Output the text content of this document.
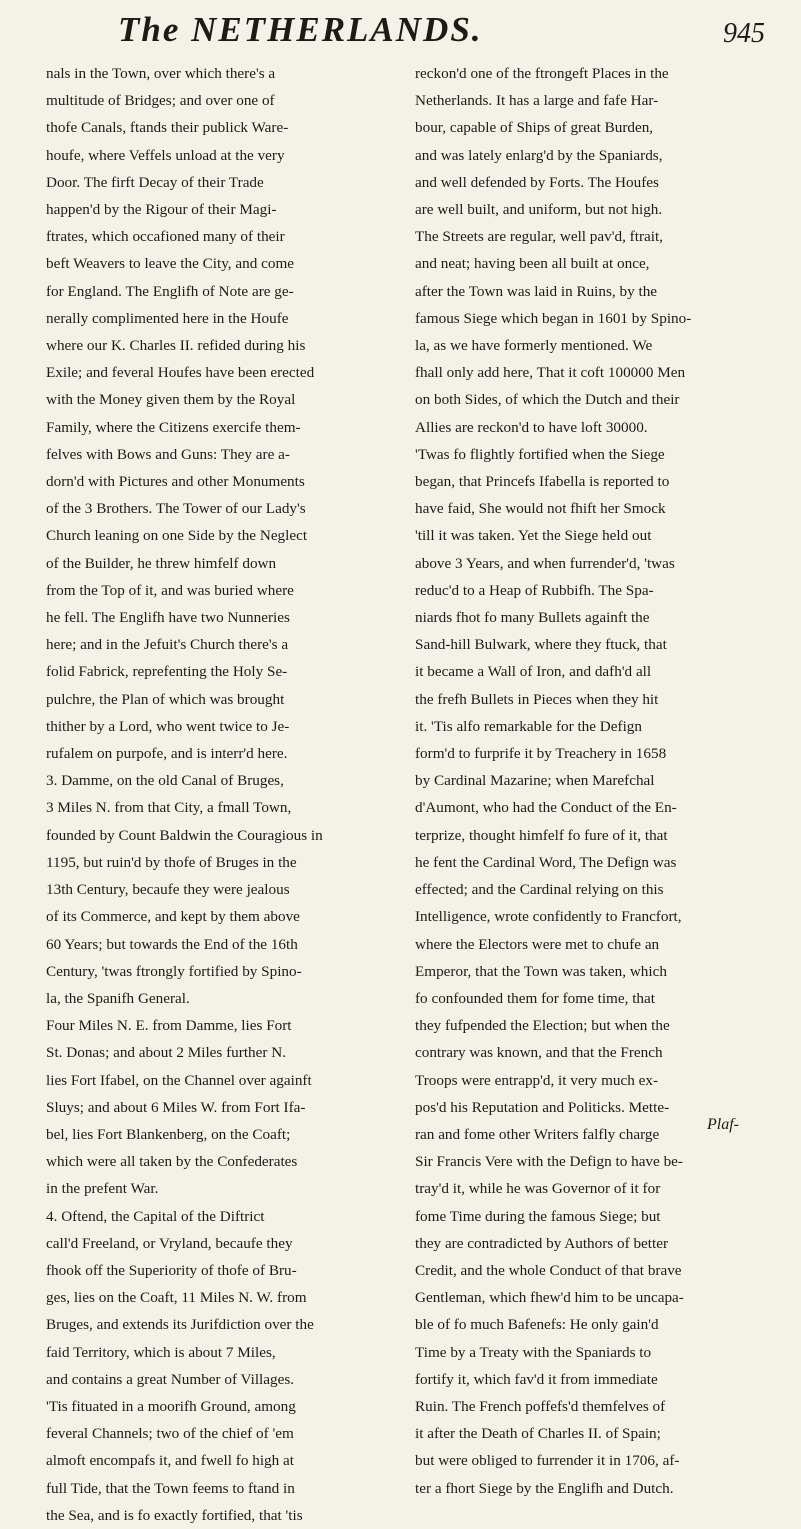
The NETHERLANDS.	945
nals in the Town, over which there's a
multitude of Bridges; and over one of
thofe Canals, ftands their publick Ware-
houfe, where Veffels unload at the very
Door. The firft Decay of their Trade
happen'd by the Rigour of their Magi-
ftrates, which occafioned many of their
beft Weavers to leave the City, and come
for England. The Englifh of Note are ge-
nerally complimented here in the Houfe
where our K. Charles II. refided during his
Exile; and feveral Houfes have been erected
with the Money given them by the Royal
Family, where the Citizens exercife them-
felves with Bows and Guns: They are a-
dorn'd with Pictures and other Monuments
of the 3 Brothers. The Tower of our Lady's
Church leaning on one Side by the Neglect
of the Builder, he threw himfelf down
from the Top of it, and was buried where
he fell. The Englifh have two Nunneries
here; and in the Jefuit's Church there's a
folid Fabrick, reprefenting the Holy Se-
pulchre, the Plan of which was brought
thither by a Lord, who went twice to Je-
rufalem on purpofe, and is interr'd here.
3. Damme, on the old Canal of Bruges,
3 Miles N. from that City, a fmall Town,
founded by Count Baldwin the Couragious in
1195, but ruin'd by thofe of Bruges in the
13th Century, becaufe they were jealous
of its Commerce, and kept by them above
60 Years; but towards the End of the 16th
Century, 'twas ftrongly fortified by Spino-
la, the Spanifh General.
Four Miles N. E. from Damme, lies Fort
St. Donas; and about 2 Miles further N.
lies Fort Ifabel, on the Channel over againft
Sluys; and about 6 Miles W. from Fort Ifa-
bel, lies Fort Blankenberg, on the Coaft;
which were all taken by the Confederates
in the prefent War.
4. Oftend, the Capital of the Diftrict
call'd Freeland, or Vryland, becaufe they
fhook off the Superiority of thofe of Bru-
ges, lies on the Coaft, 11 Miles N. W. from
Bruges, and extends its Jurifdiction over the
faid Territory, which is about 7 Miles,
and contains a great Number of Villages.
'Tis fituated in a moorifh Ground, among
feveral Channels; two of the chief of 'em
almoft encompafs it, and fwell fo high at
full Tide, that the Town feems to ftand in
the Sea, and is fo exactly fortified, that 'tis
reckon'd one of the ftrongeft Places in the
Netherlands. It has a large and fafe Har-
bour, capable of Ships of great Burden,
and was lately enlarg'd by the Spaniards,
and well defended by Forts. The Houfes
are well built, and uniform, but not high.
The Streets are regular, well pav'd, ftrait,
and neat; having been all built at once,
after the Town was laid in Ruins, by the
famous Siege which began in 1601 by Spino-
la, as we have formerly mentioned. We
fhall only add here, That it coft 100000 Men
on both Sides, of which the Dutch and their
Allies are reckon'd to have loft 30000.
'Twas fo flightly fortified when the Siege
began, that Princefs Ifabella is reported to
have faid, She would not fhift her Smock
'till it was taken. Yet the Siege held out
above 3 Years, and when furrender'd, 'twas
reduc'd to a Heap of Rubbifh. The Spa-
niards fhot fo many Bullets againft the
Sand-hill Bulwark, where they ftuck, that
it became a Wall of Iron, and dafh'd all
the frefh Bullets in Pieces when they hit
it. 'Tis alfo remarkable for the Defign
form'd to furprife it by Treachery in 1658
by Cardinal Mazarine; when Marefchal
d'Aumont, who had the Conduct of the En-
terprize, thought himfelf fo fure of it, that
he fent the Cardinal Word, The Defign was
effected; and the Cardinal relying on this
Intelligence, wrote confidently to Francfort,
where the Electors were met to chufe an
Emperor, that the Town was taken, which
fo confounded them for fome time, that
they fufpended the Election; but when the
contrary was known, and that the French
Troops were entrapp'd, it very much ex-
pos'd his Reputation and Politicks. Mette-
ran and fome other Writers falfly charge
Sir Francis Vere with the Defign to have be-
tray'd it, while he was Governor of it for
fome Time during the famous Siege; but
they are contradicted by Authors of better
Credit, and the whole Conduct of that brave
Gentleman, which fhew'd him to be uncapa-
ble of fo much Bafenefs: He only gain'd
Time by a Treaty with the Spaniards to
fortify it, which fav'd it from immediate
Ruin. The French poffefs'd themfelves of
it after the Death of Charles II. of Spain;
but were obliged to furrender it in 1706, af-
ter a fhort Siege by the Englifh and Dutch.
Plaf-
